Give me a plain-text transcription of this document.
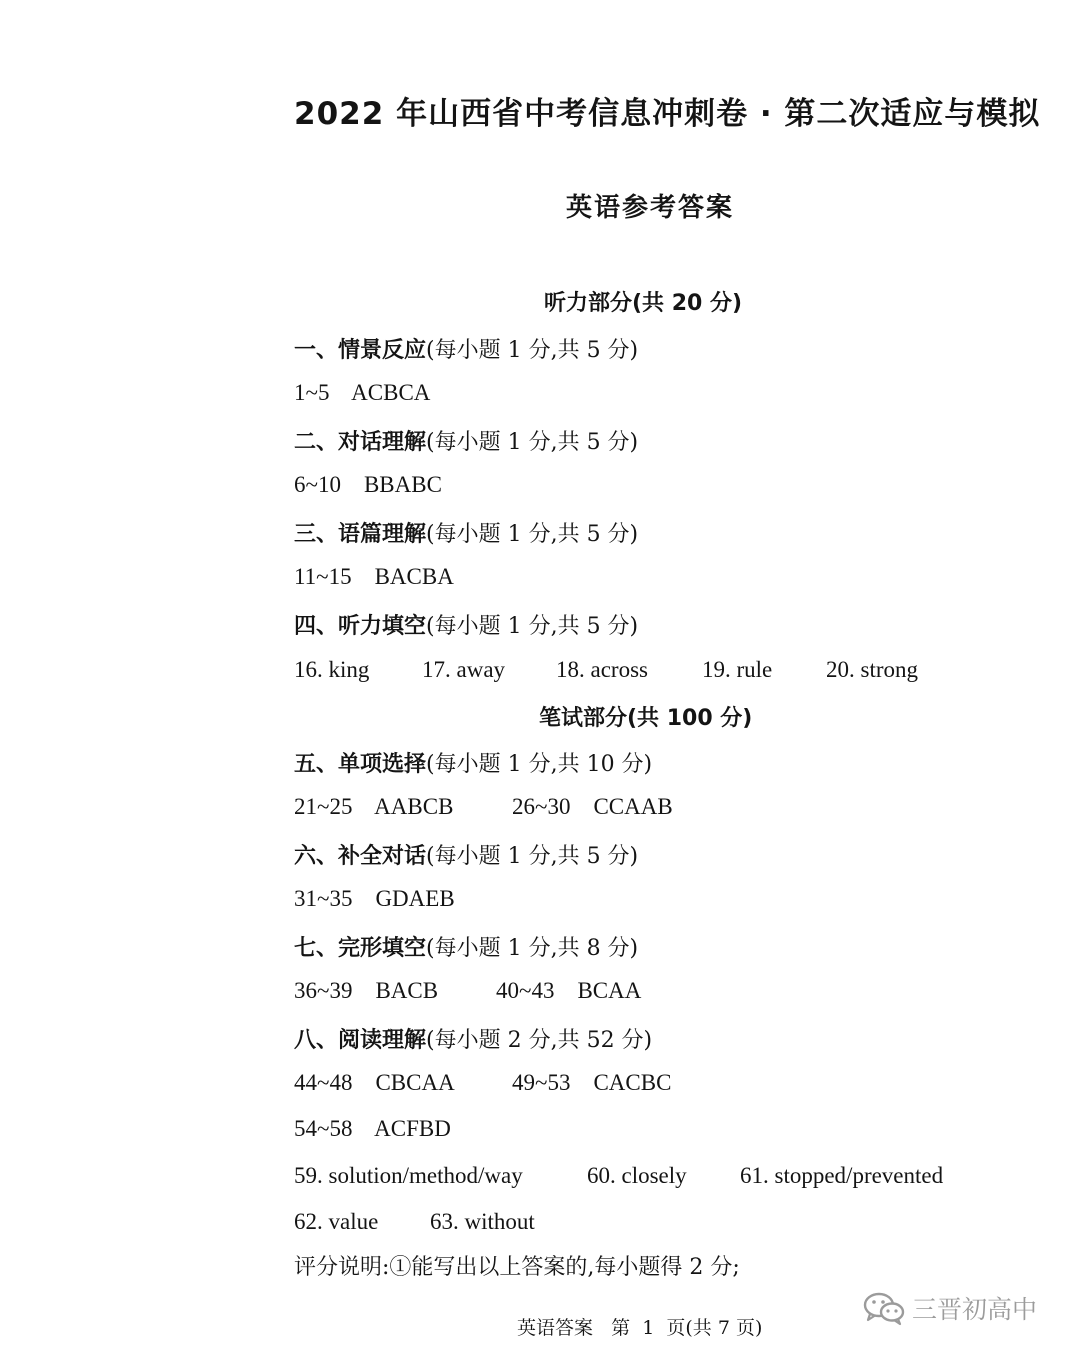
2022 年山西省中考信息冲刺卷 · 第二次适应与模拟
英语参考答案
听力部分(共 20 分)
一、情景反应(每小题 1 分,共 5 分)
1~5    ACBCA
二、对话理解(每小题 1 分,共 5 分)
6~10    BBABC
三、语篇理解(每小题 1 分,共 5 分)
11~15    BACBA
四、听力填空(每小题 1 分,共 5 分)
16. king 17. away 18. across 19. rule 20. strong
笔试部分(共 100 分)
五、单项选择(每小题 1 分,共 10 分)
21~25    AABCB	26~30    CCAAB
六、补全对话(每小题 1 分,共 5 分)
31~35    GDAEB
七、完形填空(每小题 1 分,共 8 分)
36~39    BACB	40~43    BCAA
八、阅读理解(每小题 2 分,共 52 分)
44~48    CBCAA 49~53    CACBC
54~58    ACFBD
59. solution/method/way	60. closely 61. stopped/prevented
62. value 63. without
评分说明:①能写出以上答案的,每小题得 2 分;
英语答案   第  1  页(共 7 页)
三晋初高中
